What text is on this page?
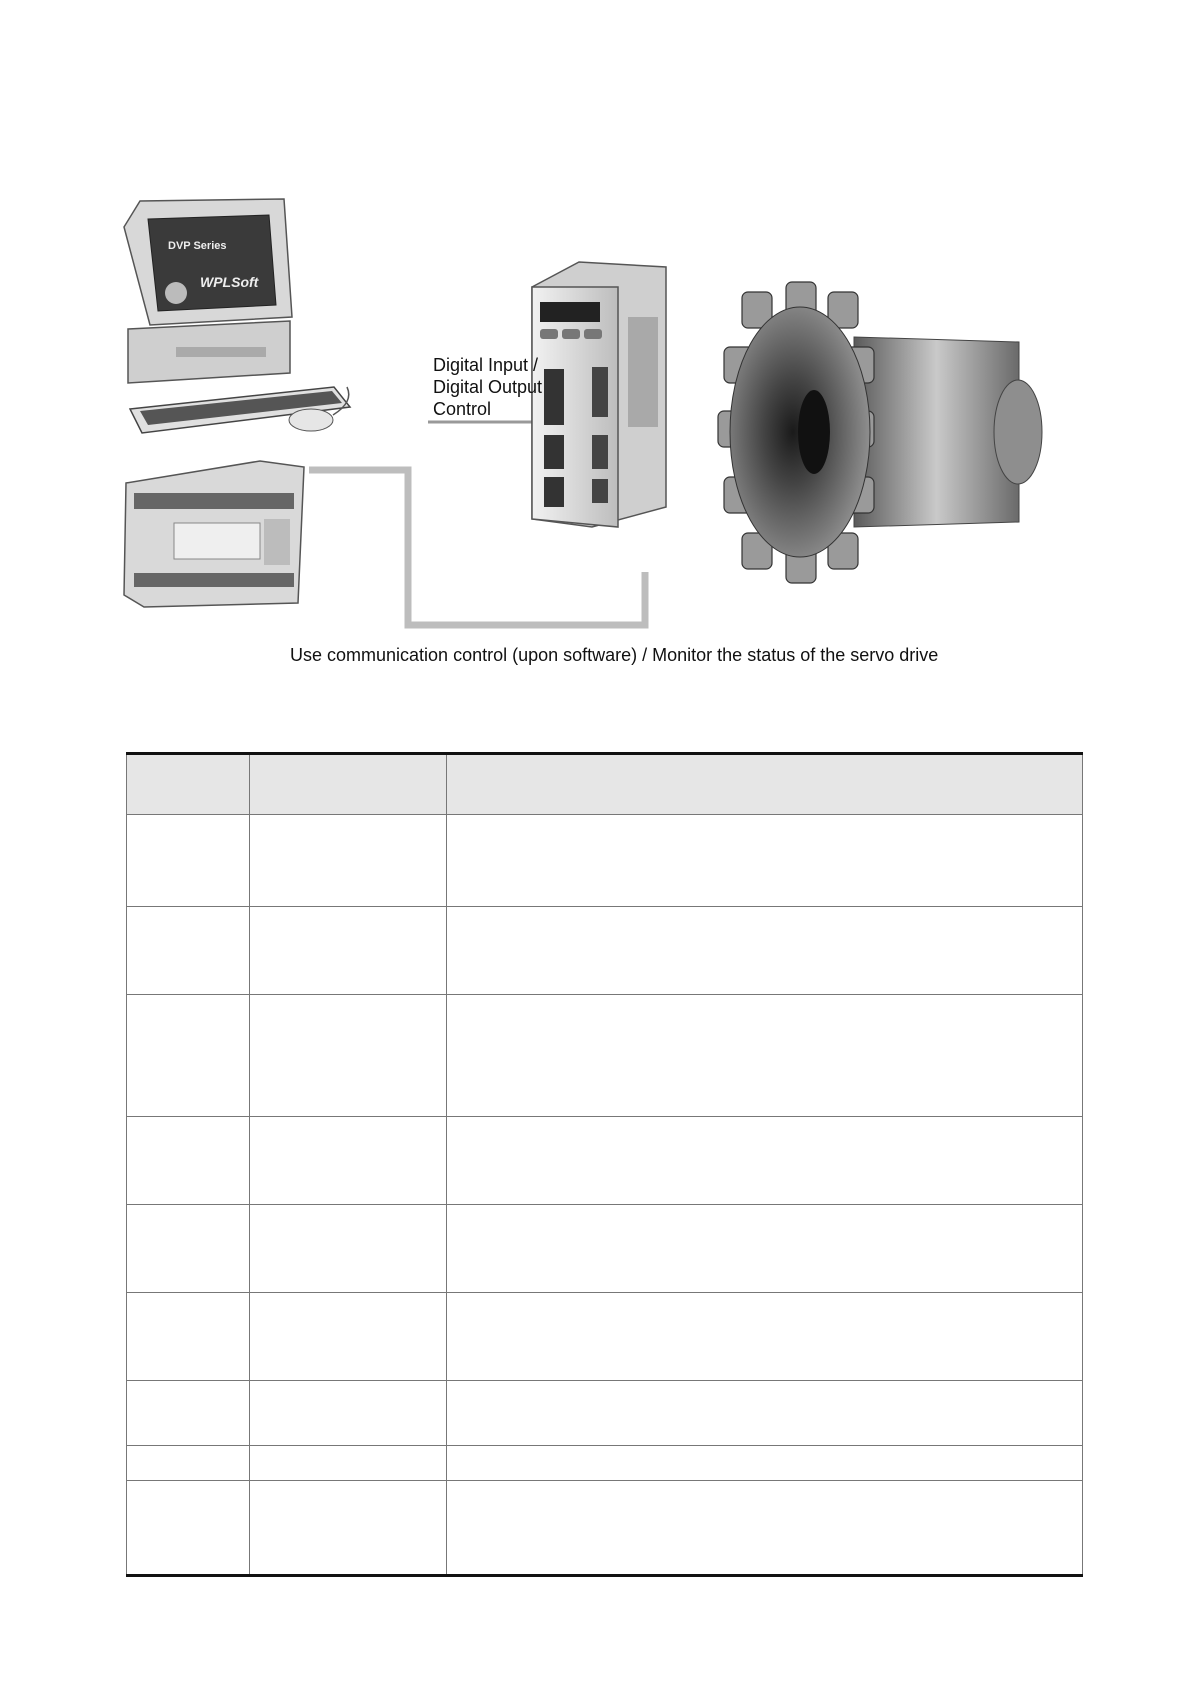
DVP Series
WPLSoft
Digital Input /
Digital Output
Control
Use communication control (upon software) / Monitor the status of the servo drive
